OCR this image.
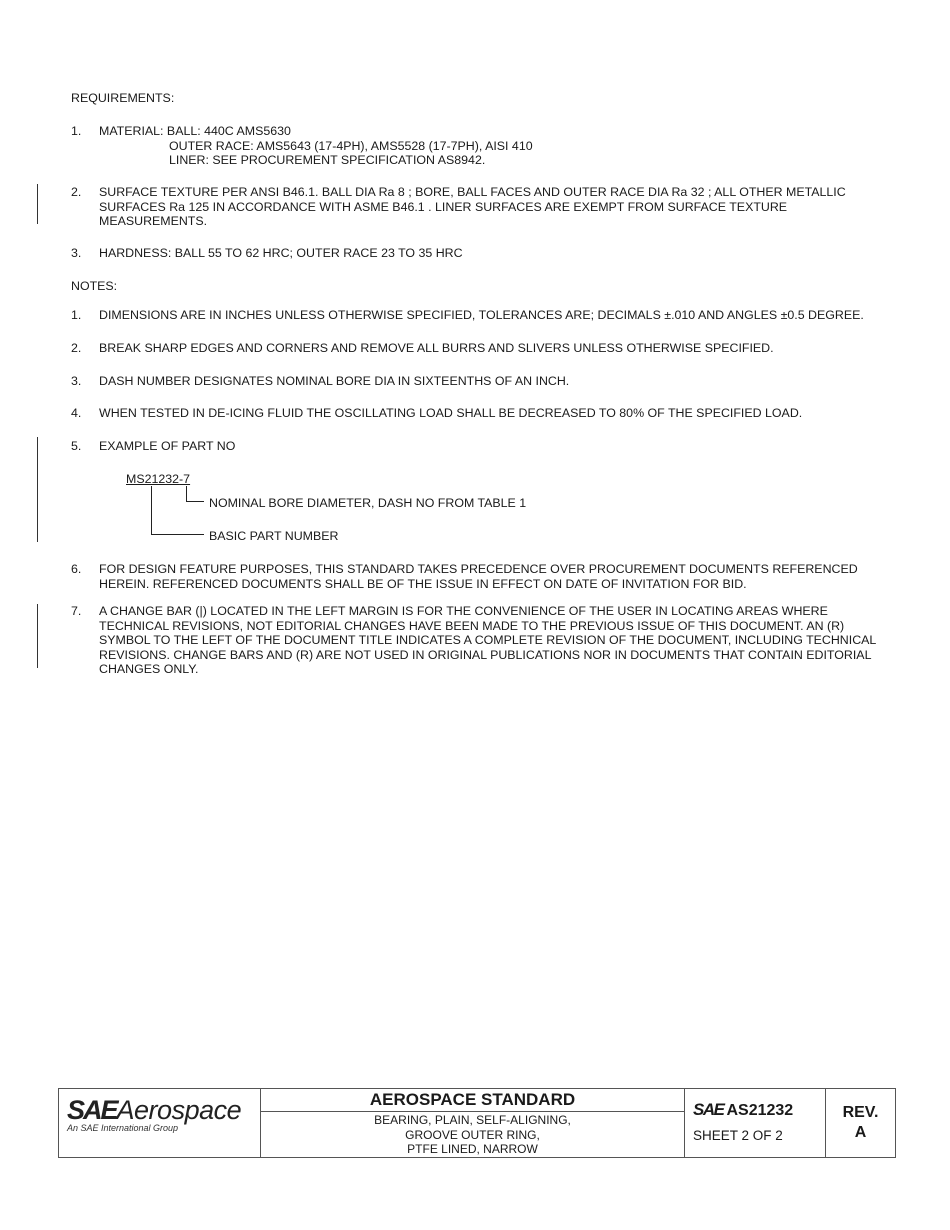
REQUIREMENTS:
1.	MATERIAL: BALL: 440C AMS5630
OUTER RACE: AMS5643 (17-4PH), AMS5528 (17-7PH), AISI 410
LINER: SEE PROCUREMENT SPECIFICATION AS8942.
2.	SURFACE TEXTURE PER ANSI B46.1. BALL DIA Ra 8 ; BORE, BALL FACES AND OUTER RACE DIA Ra 32 ; ALL OTHER METALLIC SURFACES Ra 125 IN ACCORDANCE WITH ASME B46.1 . LINER SURFACES ARE EXEMPT FROM SURFACE TEXTURE MEASUREMENTS.
3.	HARDNESS: BALL 55 TO 62 HRC; OUTER RACE 23 TO 35 HRC
NOTES:
1.	DIMENSIONS ARE IN INCHES UNLESS OTHERWISE SPECIFIED, TOLERANCES ARE; DECIMALS ±.010 AND ANGLES ±0.5 DEGREE.
2.	BREAK SHARP EDGES AND CORNERS AND REMOVE ALL BURRS AND SLIVERS UNLESS OTHERWISE SPECIFIED.
3.	DASH NUMBER DESIGNATES NOMINAL BORE DIA IN SIXTEENTHS OF AN INCH.
4.	WHEN TESTED IN DE-ICING FLUID THE OSCILLATING LOAD SHALL BE DECREASED TO 80% OF THE SPECIFIED LOAD.
5.	EXAMPLE OF PART NO
MS21232-7
NOMINAL BORE DIAMETER, DASH NO FROM TABLE 1
BASIC PART NUMBER
6.	FOR DESIGN FEATURE PURPOSES, THIS STANDARD TAKES PRECEDENCE OVER PROCUREMENT DOCUMENTS REFERENCED HEREIN. REFERENCED DOCUMENTS SHALL BE OF THE ISSUE IN EFFECT ON DATE OF INVITATION FOR BID.
7.	A CHANGE BAR (|) LOCATED IN THE LEFT MARGIN IS FOR THE CONVENIENCE OF THE USER IN LOCATING AREAS WHERE TECHNICAL REVISIONS, NOT EDITORIAL CHANGES HAVE BEEN MADE TO THE PREVIOUS ISSUE OF THIS DOCUMENT. AN (R) SYMBOL TO THE LEFT OF THE DOCUMENT TITLE INDICATES A COMPLETE REVISION OF THE DOCUMENT, INCLUDING TECHNICAL REVISIONS. CHANGE BARS AND (R) ARE NOT USED IN ORIGINAL PUBLICATIONS NOR IN DOCUMENTS THAT CONTAIN EDITORIAL CHANGES ONLY.
SAEAerospace
An SAE International Group
AEROSPACE STANDARD
BEARING, PLAIN, SELF-ALIGNING,
GROOVE OUTER RING,
PTFE LINED, NARROW
SAE AS21232
SHEET 2 OF 2
REV.
A
